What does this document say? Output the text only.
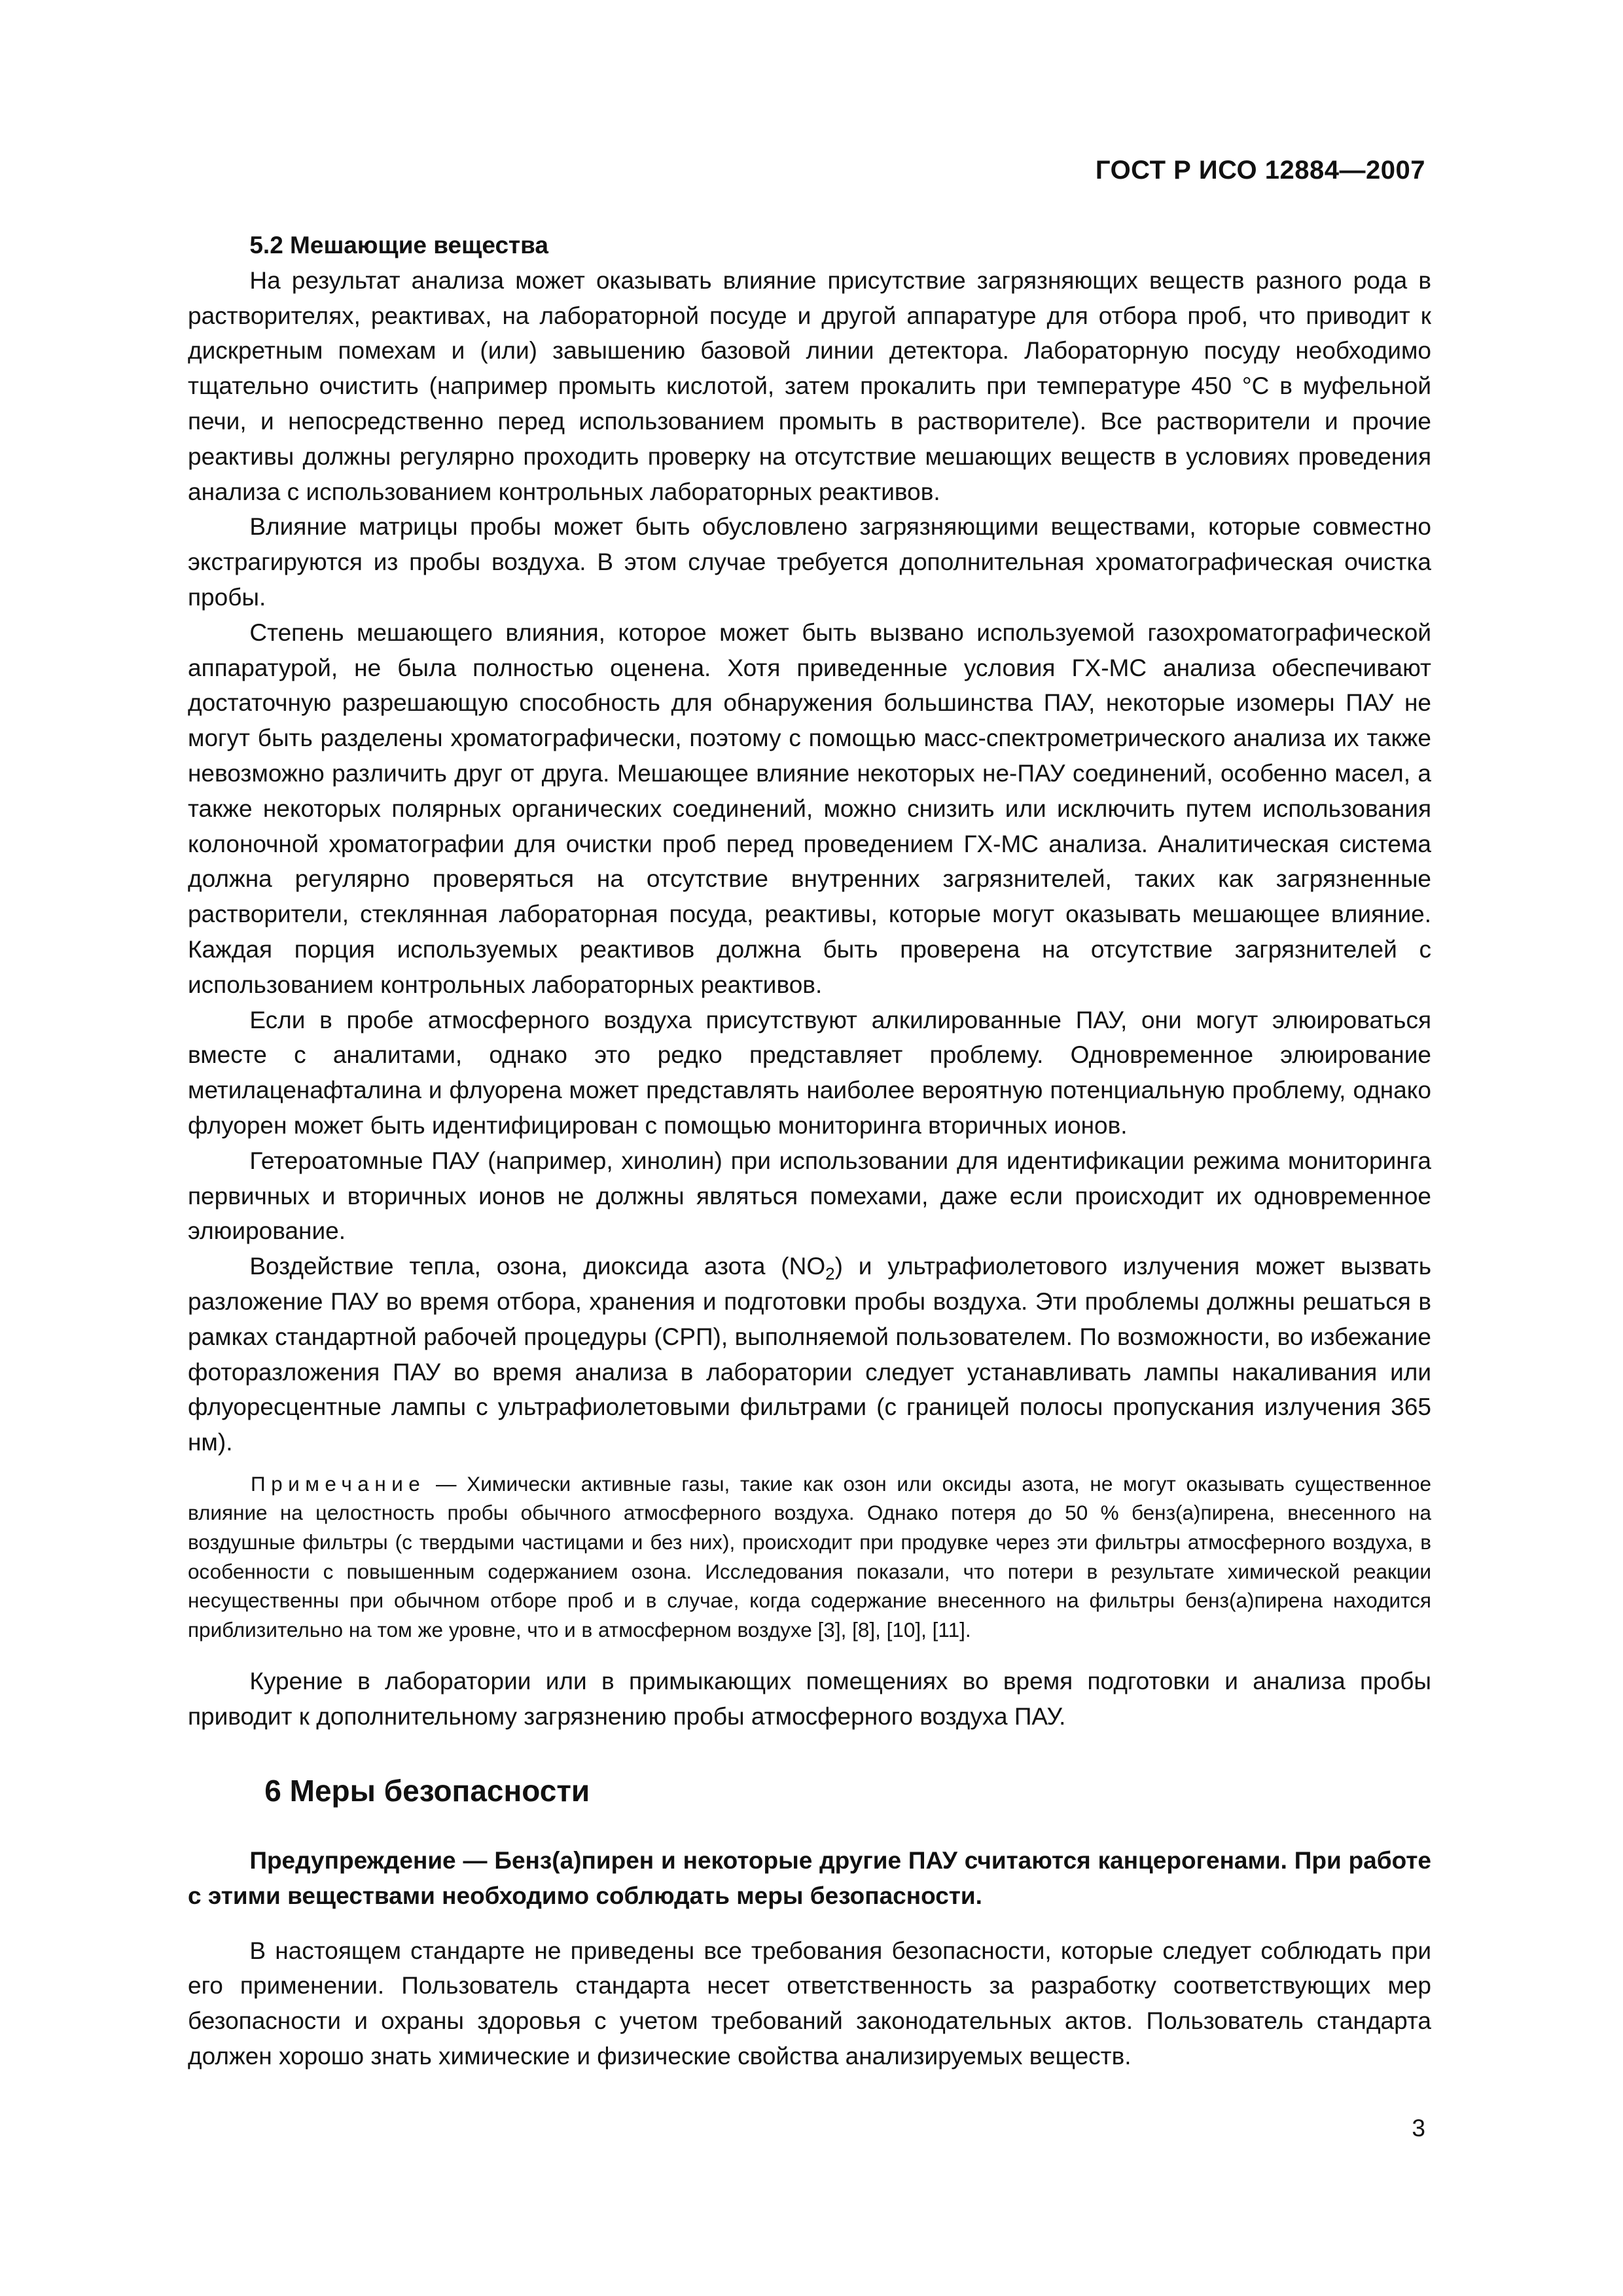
ГОСТ Р ИСО 12884—2007
5.2 Мешающие вещества

На результат анализа может оказывать влияние присутствие загрязняющих веществ разного рода в растворителях, реактивах, на лабораторной посуде и другой аппаратуре для отбора проб, что приводит к дискретным помехам и (или) завышению базовой линии детектора. Лабораторную посуду необходимо тщательно очистить (например промыть кислотой, затем прокалить при температуре 450 °С в муфельной печи, и непосредственно перед использованием промыть в растворителе). Все растворители и прочие реактивы должны регулярно проходить проверку на отсутствие мешающих веществ в условиях проведения анализа с использованием контрольных лабораторных реактивов.

Влияние матрицы пробы может быть обусловлено загрязняющими веществами, которые совместно экстрагируются из пробы воздуха. В этом случае требуется дополнительная хроматографическая очистка пробы.

Степень мешающего влияния, которое может быть вызвано используемой газохроматографической аппаратурой, не была полностью оценена. Хотя приведенные условия ГХ-МС анализа обеспечивают достаточную разрешающую способность для обнаружения большинства ПАУ, некоторые изомеры ПАУ не могут быть разделены хроматографически, поэтому с помощью масс-спектрометрического анализа их также невозможно различить друг от друга. Мешающее влияние некоторых не-ПАУ соединений, особенно масел, а также некоторых полярных органических соединений, можно снизить или исключить путем использования колоночной хроматографии для очистки проб перед проведением ГХ-МС анализа. Аналитическая система должна регулярно проверяться на отсутствие внутренних загрязнителей, таких как загрязненные растворители, стеклянная лабораторная посуда, реактивы, которые могут оказывать мешающее влияние. Каждая порция используемых реактивов должна быть проверена на отсутствие загрязнителей с использованием контрольных лабораторных реактивов.

Если в пробе атмосферного воздуха присутствуют алкилированные ПАУ, они могут элюироваться вместе с аналитами, однако это редко представляет проблему. Одновременное элюирование метилаценафталина и флуорена может представлять наиболее вероятную потенциальную проблему, однако флуорен может быть идентифицирован с помощью мониторинга вторичных ионов.

Гетероатомные ПАУ (например, хинолин) при использовании для идентификации режима мониторинга первичных и вторичных ионов не должны являться помехами, даже если происходит их одновременное элюирование.

Воздействие тепла, озона, диоксида азота $(NO_2)$ и ультрафиолетового излучения может вызвать разложение ПАУ во время отбора, хранения и подготовки пробы воздуха. Эти проблемы должны решаться в рамках стандартной рабочей процедуры (СРП), выполняемой пользователем. По возможности, во избежание фоторазложения ПАУ во время анализа в лаборатории следует устанавливать лампы накаливания или флуоресцентные лампы с ультрафиолетовыми фильтрами (с границей полосы пропускания излучения 365 нм).

Примечание — Химически активные газы, такие как озон или оксиды азота, не могут оказывать существенное влияние на целостность пробы обычного атмосферного воздуха. Однако потеря до 50 % бенз(а)пирена, внесенного на воздушные фильтры (с твердыми частицами и без них), происходит при продувке через эти фильтры атмосферного воздуха, в особенности с повышенным содержанием озона. Исследования показали, что потери в результате химической реакции несущественны при обычном отборе проб и в случае, когда содержание внесенного на фильтры бенз(а)пирена находится приблизительно на том же уровне, что и в атмосферном воздухе [3], [8], [10], [11].

Курение в лаборатории или в примыкающих помещениях во время подготовки и анализа пробы приводит к дополнительному загрязнению пробы атмосферного воздуха ПАУ.

6 Меры безопасности

Предупреждение — Бенз(а)пирен и некоторые другие ПАУ считаются канцерогенами. При работе с этими веществами необходимо соблюдать меры безопасности.

В настоящем стандарте не приведены все требования безопасности, которые следует соблюдать при его применении. Пользователь стандарта несет ответственность за разработку соответствующих мер безопасности и охраны здоровья с учетом требований законодательных актов. Пользователь стандарта должен хорошо знать химические и физические свойства анализируемых веществ.

3
